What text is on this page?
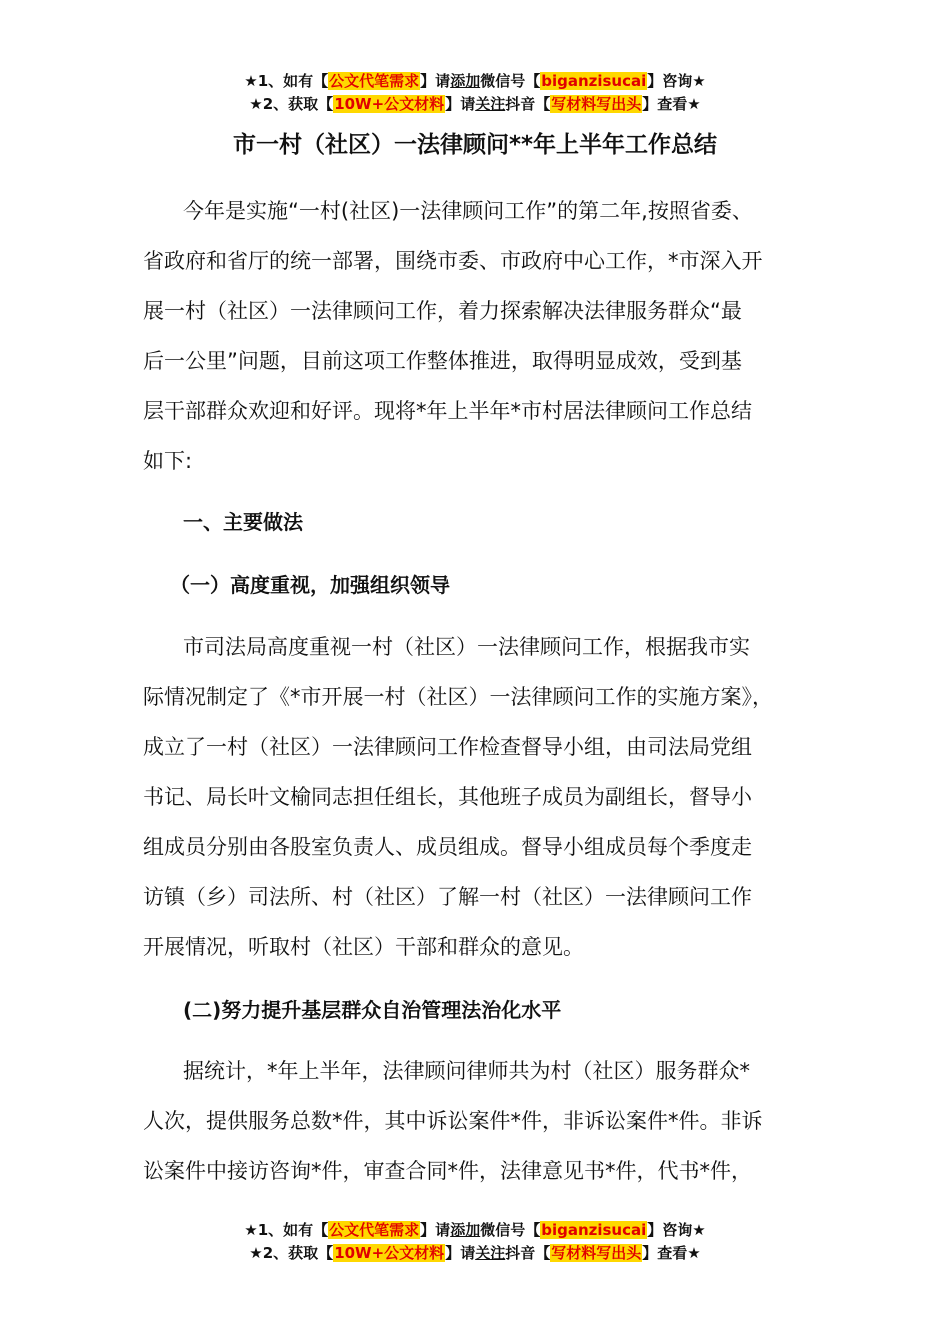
★1、如有【公文代笔需求】请添加微信号【biganzisucai】咨询★
★2、获取【10W+公文材料】请关注抖音【写材料写出头】查看★
市一村（社区）一法律顾问**年上半年工作总结
今年是实施“一村(社区)一法律顾问工作”的第二年,按照省委、
省政府和省厅的统一部署，围绕市委、市政府中心工作，*市深入开
展一村（社区）一法律顾问工作，着力探索解决法律服务群众“最
后一公里”问题，目前这项工作整体推进，取得明显成效，受到基
层干部群众欢迎和好评。现将*年上半年*市村居法律顾问工作总结
如下:
一、主要做法
（一）高度重视，加强组织领导
市司法局高度重视一村（社区）一法律顾问工作，根据我市实
际情况制定了《*市开展一村（社区）一法律顾问工作的实施方案》，
成立了一村（社区）一法律顾问工作检查督导小组，由司法局党组
书记、局长叶文榆同志担任组长，其他班子成员为副组长，督导小
组成员分别由各股室负责人、成员组成。督导小组成员每个季度走
访镇（乡）司法所、村（社区）了解一村（社区）一法律顾问工作
开展情况，听取村（社区）干部和群众的意见。
(二)努力提升基层群众自治管理法治化水平
据统计，*年上半年，法律顾问律师共为村（社区）服务群众*
人次，提供服务总数*件，其中诉讼案件*件，非诉讼案件*件。非诉
讼案件中接访咨询*件，审查合同*件，法律意见书*件，代书*件，
★1、如有【公文代笔需求】请添加微信号【biganzisucai】咨询★
★2、获取【10W+公文材料】请关注抖音【写材料写出头】查看★
